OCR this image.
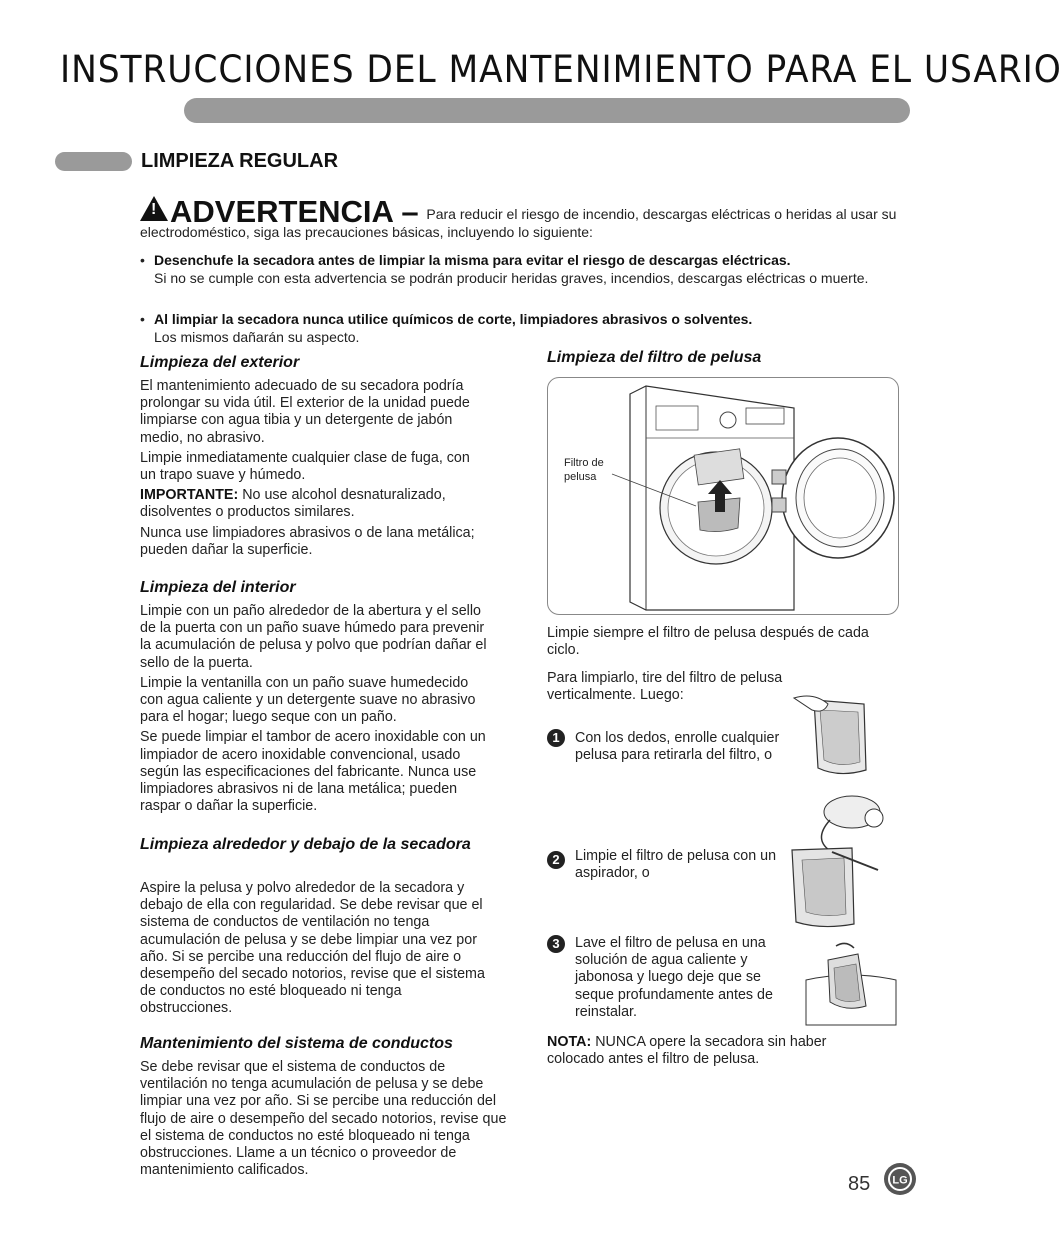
INSTRUCCIONES DEL MANTENIMIENTO PARA EL USARIO
LIMPIEZA REGULAR
! ADVERTENCIA – Para reducir el riesgo de incendio, descargas eléctricas o heridas al usar su electrodoméstico, siga las precauciones básicas, incluyendo lo siguiente:
• Desenchufe la secadora antes de limpiar la misma para evitar el riesgo de descargas eléctricas.
Si no se cumple con esta advertencia se podrán producir heridas graves, incendios, descargas eléctricas o muerte.
• Al limpiar la secadora nunca utilice químicos de corte, limpiadores abrasivos o solventes.
Los mismos dañarán su aspecto.
Limpieza del exterior
El mantenimiento adecuado de su secadora podría prolongar su vida útil. El exterior de la unidad puede limpiarse con agua tibia y un detergente de jabón medio, no abrasivo.
Limpie inmediatamente cualquier clase de fuga, con un trapo suave y húmedo.
IMPORTANTE: No use alcohol desnaturalizado, disolventes o productos similares.
Nunca use limpiadores abrasivos o de lana metálica; pueden dañar la superficie.
Limpieza del interior
Limpie con un paño alrededor de la abertura y el sello de la puerta con un paño suave húmedo para prevenir la acumulación de pelusa y polvo que podrían dañar el sello de la puerta.
Limpie la ventanilla con un paño suave humedecido con agua caliente y un detergente suave no abrasivo para el hogar; luego seque con un paño.
Se puede limpiar el tambor de acero inoxidable con un limpiador de acero inoxidable convencional, usado según las especificaciones del fabricante. Nunca use limpiadores abrasivos ni de lana metálica; pueden raspar o dañar la superficie.
Limpieza alrededor y debajo de la secadora
Aspire la pelusa y polvo alrededor de la secadora y debajo de ella con regularidad. Se debe revisar que el sistema de conductos de ventilación no tenga acumulación de pelusa y se debe limpiar una vez por año. Si se percibe una reducción del flujo de aire o desempeño del secado notorios, revise que el sistema de conductos no esté bloqueado ni tenga obstrucciones.
Mantenimiento del sistema de conductos
Se debe revisar que el sistema de conductos de ventilación no tenga acumulación de pelusa y se debe limpiar una vez por año. Si se percibe una reducción del flujo de aire o desempeño del secado notorios, revise que el sistema de conductos no esté bloqueado ni tenga obstrucciones. Llame a un técnico o proveedor de mantenimiento calificados.
Limpieza del filtro de pelusa
Filtro de pelusa
Limpie siempre el filtro de pelusa después de cada ciclo.
Para limpiarlo, tire del filtro de pelusa verticalmente. Luego:
1	Con los dedos, enrolle cualquier pelusa para retirarla del filtro, o
2	Limpie el filtro de pelusa con un aspirador, o
3	Lave el filtro de pelusa en una solución de agua caliente y jabonosa y luego deje que se seque profundamente antes de reinstalar.
NOTA: NUNCA opere la secadora sin haber colocado antes el filtro de pelusa.
85 LG
